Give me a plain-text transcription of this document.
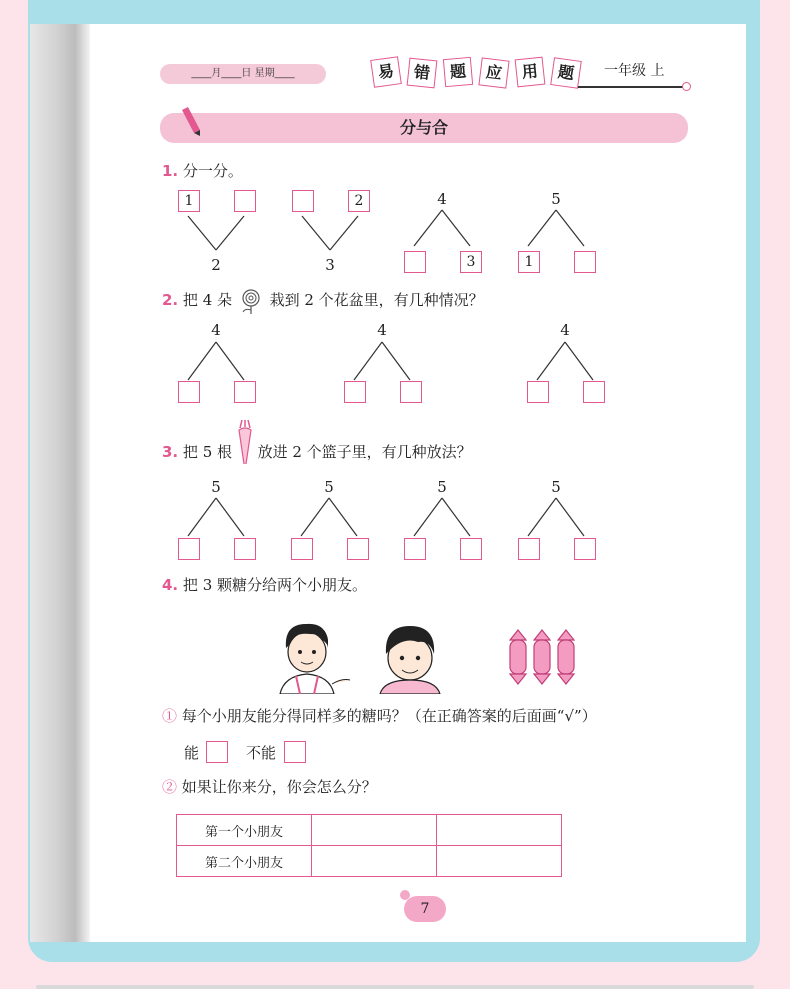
____月____日 星期____	易	错	题	应	用	题	一年级 上
分与合
1. 分一分。
1
2
2
3
4
3
5
1
2. 把 4 朵	栽到 2 个花盆里，有几种情况？
4	4	4
3. 把 5 根 放进 2 个篮子里，有几种放法？
5	5	5	5
4. 把 3 颗糖分给两个小朋友。
① 每个小朋友能分得同样多的糖吗？（在正确答案的后面画“√”）
能	不能
② 如果让你来分，你会怎么分？
第一个小朋友		
第二个小朋友		
7
